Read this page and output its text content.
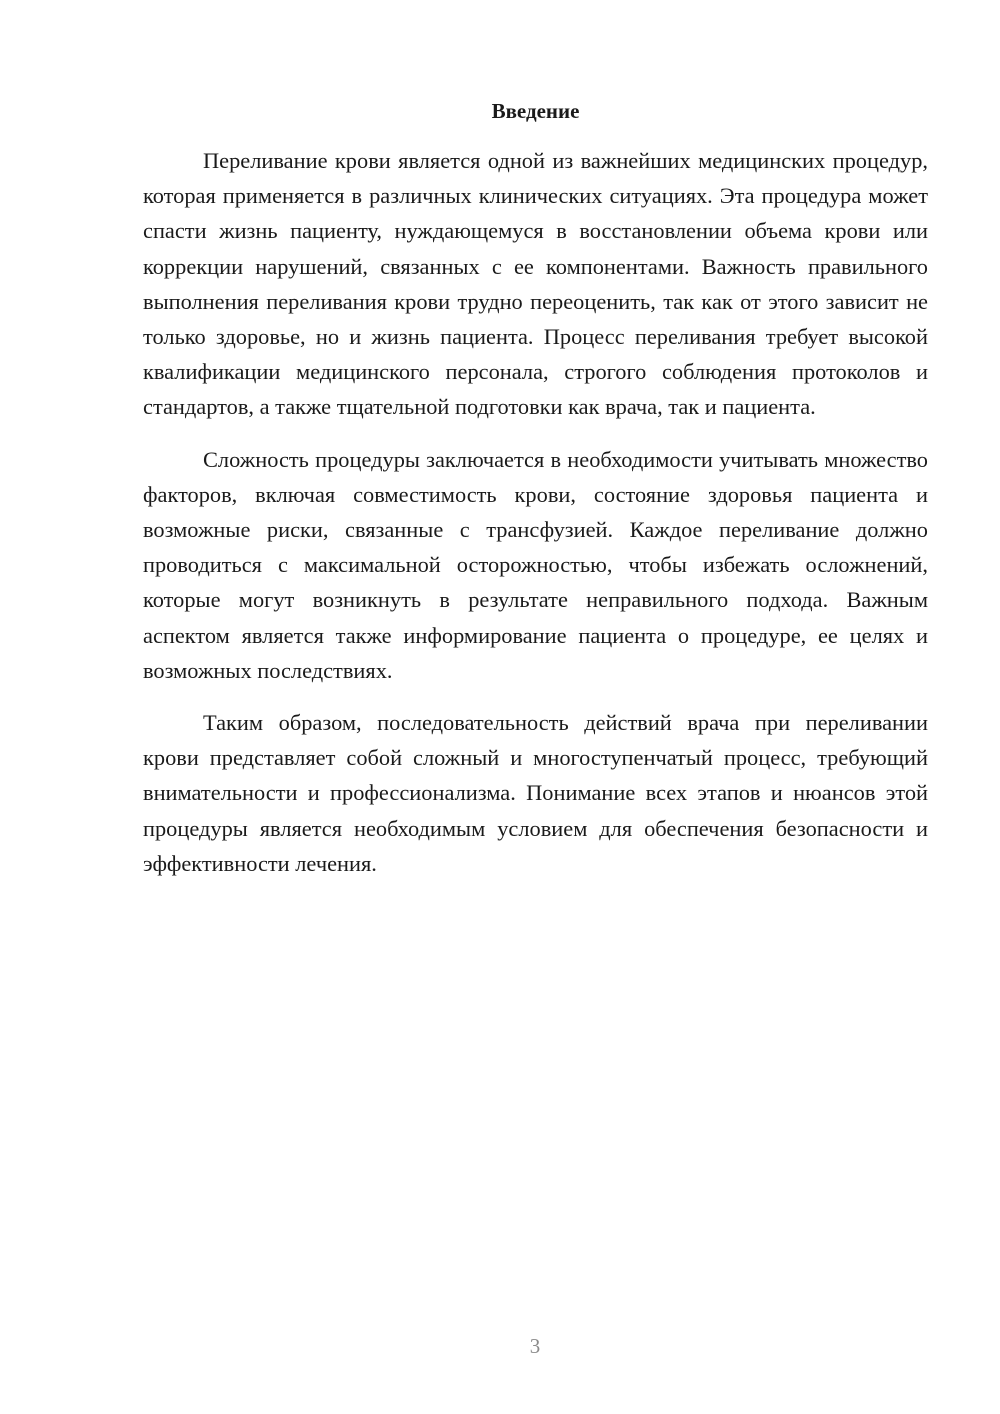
Введение

Переливание крови является одной из важнейших медицинских процедур, которая применяется в различных клинических ситуациях. Эта процедура может спасти жизнь пациенту, нуждающемуся в восстановлении объема крови или коррекции нарушений, связанных с ее компонентами. Важность правильного выполнения переливания крови трудно переоценить, так как от этого зависит не только здоровье, но и жизнь пациента. Процесс переливания требует высокой квалификации медицинского персонала, строгого соблюдения протоколов и стандартов, а также тщательной подготовки как врача, так и пациента.

Сложность процедуры заключается в необходимости учитывать множество факторов, включая совместимость крови, состояние здоровья пациента и возможные риски, связанные с трансфузией. Каждое переливание должно проводиться с максимальной осторожностью, чтобы избежать осложнений, которые могут возникнуть в результате неправильного подхода. Важным аспектом является также информирование пациента о процедуре, ее целях и возможных последствиях.

Таким образом, последовательность действий врача при переливании крови представляет собой сложный и многоступенчатый процесс, требующий внимательности и профессионализма. Понимание всех этапов и нюансов этой процедуры является необходимым условием для обеспечения безопасности и эффективности лечения.

3
